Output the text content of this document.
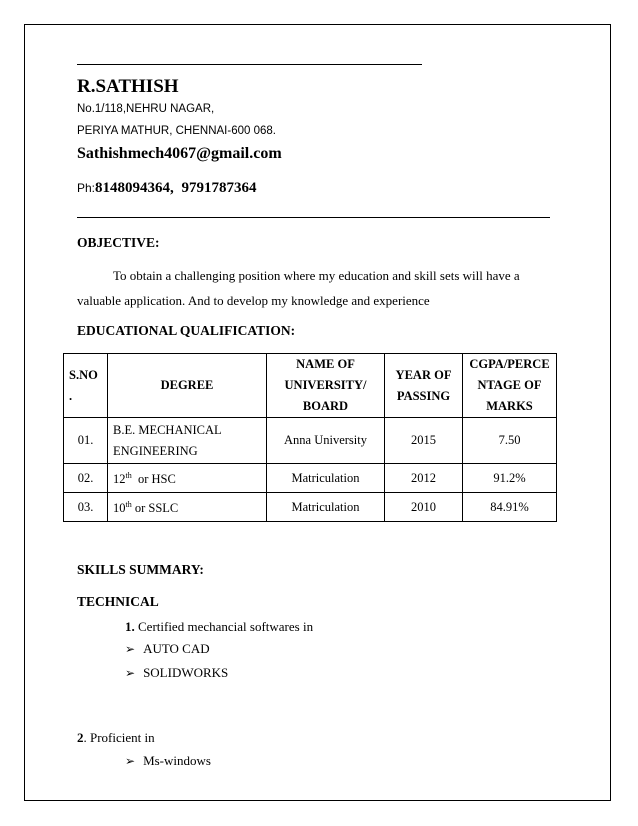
R.SATHISH
No.1/118,NEHRU NAGAR,
PERIYA MATHUR, CHENNAI-600 068.
Sathishmech4067@gmail.com
Ph:8148094364, 9791787364
OBJECTIVE:
To obtain a challenging position where my education and skill sets will have a valuable application. And to develop my knowledge and experience
EDUCATIONAL QUALIFICATION:
S.NO .	DEGREE	NAME OF UNIVERSITY/ BOARD	YEAR OF PASSING	CGPA/PERCE NTAGE OF MARKS
01.	B.E. MECHANICAL ENGINEERING	Anna University	2015	7.50
02.	12th  or HSC	Matriculation	2012	91.2%
03.	10th or SSLC	Matriculation	2010	84.91%
SKILLS SUMMARY:
TECHNICAL
1. Certified mechancial softwares in
➢ AUTO CAD
➢ SOLIDWORKS
2. Proficient in
➢ Ms-windows
